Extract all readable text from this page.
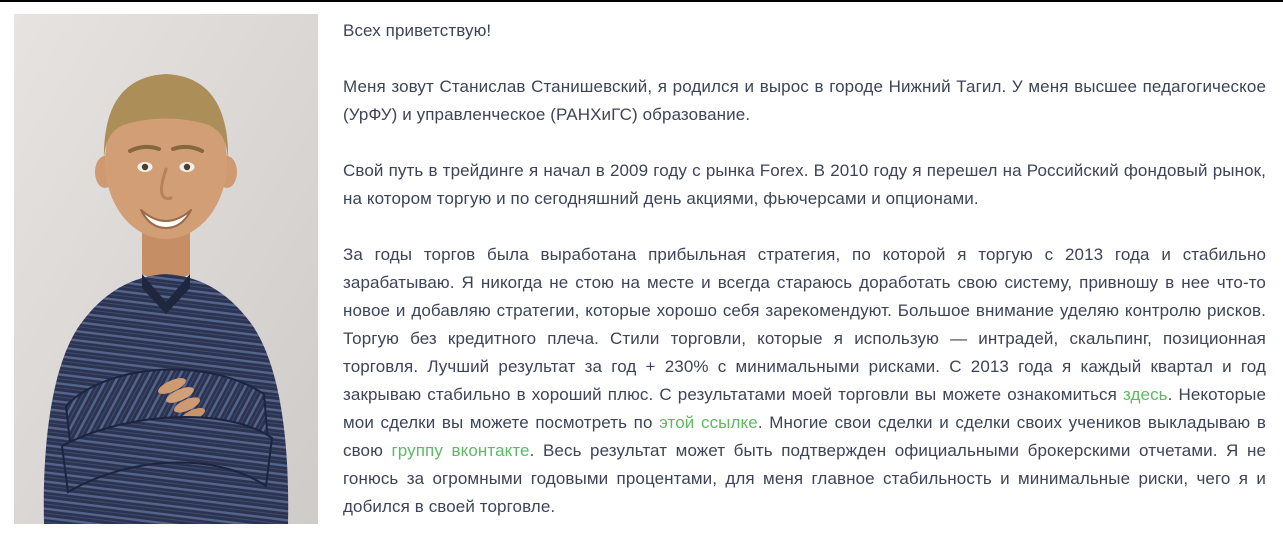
Всех приветствую!

Меня зовут Станислав Станишевский, я родился и вырос в городе Нижний Тагил. У меня высшее педагогическое (УрФУ) и управленческое (РАНХиГС) образование.

Свой путь в трейдинге я начал в 2009 году с рынка Forex. В 2010 году я перешел на Российский фондовый рынок, на котором торгую и по сегодняшний день акциями, фьючерсами и опционами.

За годы торгов была выработана прибыльная стратегия, по которой я торгую с 2013 года и стабильно зарабатываю. Я никогда не стою на месте и всегда стараюсь доработать свою систему, привношу в нее что-то новое и добавляю стратегии, которые хорошо себя зарекомендуют. Большое внимание уделяю контролю рисков. Торгую без кредитного плеча. Стили торговли, которые я использую — интрадей, скальпинг, позиционная торговля. Лучший результат за год + 230% с минимальными рисками. С 2013 года я каждый квартал и год закрываю стабильно в хороший плюс. С результатами моей торговли вы можете ознакомиться здесь. Некоторые мои сделки вы можете посмотреть по этой ссылке. Многие свои сделки и сделки своих учеников выкладываю в свою группу вконтакте. Весь результат может быть подтвержден официальными брокерскими отчетами. Я не гонюсь за огромными годовыми процентами, для меня главное стабильность и минимальные риски, чего я и добился в своей торговле.
